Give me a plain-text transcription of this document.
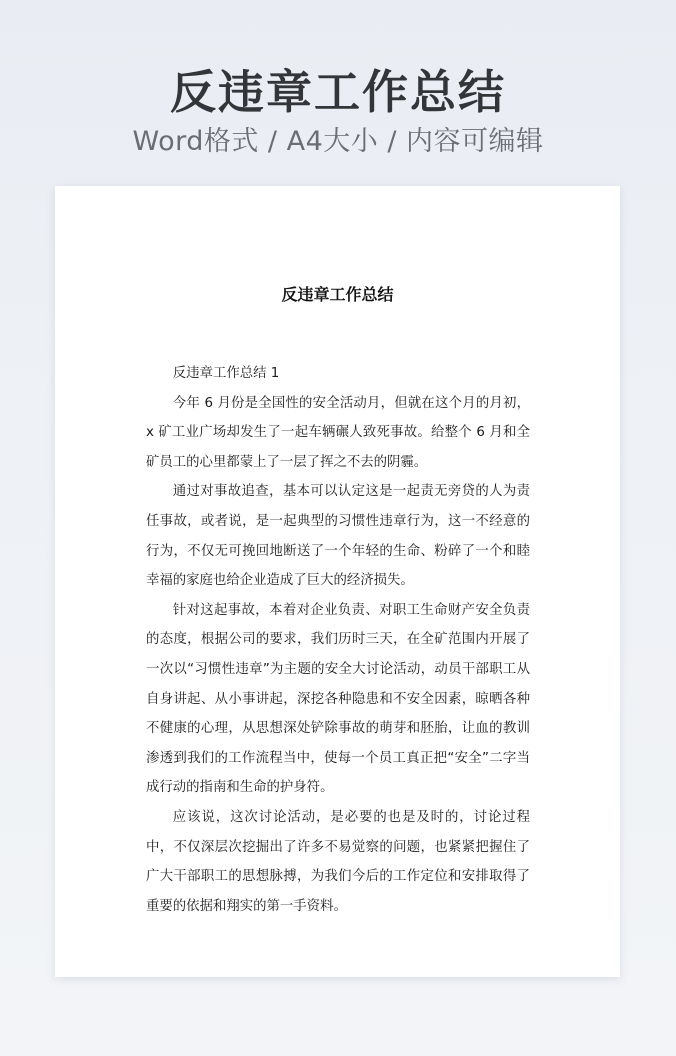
反违章工作总结
Word格式 / A4大小 / 内容可编辑
反违章工作总结

反违章工作总结 1

今年 6 月份是全国性的安全活动月，但就在这个月的月初，x 矿工业广场却发生了一起车辆碾人致死事故。给整个 6 月和全矿员工的心里都蒙上了一层了挥之不去的阴霾。

通过对事故追查，基本可以认定这是一起责无旁贷的人为责任事故，或者说，是一起典型的习惯性违章行为，这一不经意的行为，不仅无可挽回地断送了一个年轻的生命、粉碎了一个和睦幸福的家庭也给企业造成了巨大的经济损失。

针对这起事故，本着对企业负责、对职工生命财产安全负责的态度，根据公司的要求，我们历时三天，在全矿范围内开展了一次以“习惯性违章”为主题的安全大讨论活动，动员干部职工从自身讲起、从小事讲起，深挖各种隐患和不安全因素，晾晒各种不健康的心理，从思想深处铲除事故的萌芽和胚胎，让血的教训渗透到我们的工作流程当中，使每一个员工真正把“安全”二字当成行动的指南和生命的护身符。

应该说，这次讨论活动，是必要的也是及时的，讨论过程中，不仅深层次挖掘出了许多不易觉察的问题，也紧紧把握住了广大干部职工的思想脉搏，为我们今后的工作定位和安排取得了重要的依据和翔实的第一手资料。
